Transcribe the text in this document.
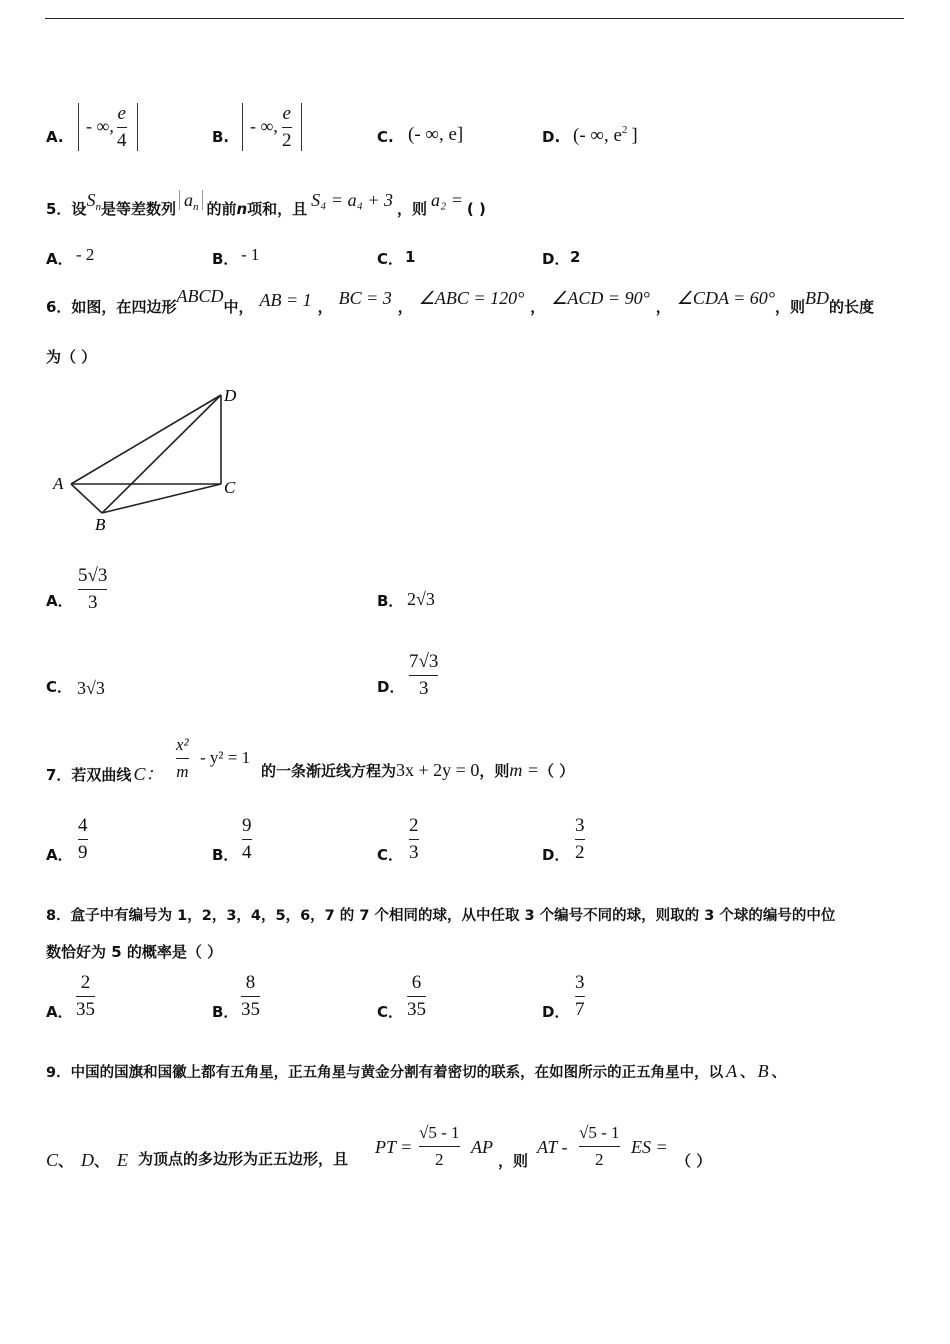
A.
- ∞,
e
4	B.
- ∞,
e
2	C. (- ∞, e]	D. (- ∞, $e^2$ ]
5．设$S_n$是等差数列 $a_n$ 的前n项和，且 S₄ = a₄ + 3 ，则 a₂ = ( )
A． - 2	B． - 1	C． 1	D． 2
6．如图，在四边形ABCD中， AB = 1 ， BC = 3 ， ∠ABC = 120° ， ∠ACD = 90° ， ∠CDA = 60°，则BD的长度
为（ ）
A
D
C
B
A．
5√3
3	B． 2√3
C． 3√3	D．
7√3
3
7．若双曲线 C：
x²
m
- y² = 1
的一条渐近线方程为3x + 2y = 0，则m =（ ）
A．
4
9	B．
9
4	C．
2
3	D．
3
2
8．盒子中有编号为 1，2，3，4，5，6，7 的 7 个相同的球，从中任取 3 个编号不同的球，则取的 3 个球的编号的中位
数恰好为 5 的概率是（ ）
A．
2
35	B．
8
35	C．
6
35	D．
3
7
9．中国的国旗和国徽上都有五角星，正五角星与黄金分割有着密切的联系，在如图所示的正五角星中，以 A 、 B 、
C、 D、 E 为顶点的多边形为正五边形，且
PT =
√5 - 1
2
AP
，则
AT -
√5 - 1
2
ES =
（ ）
